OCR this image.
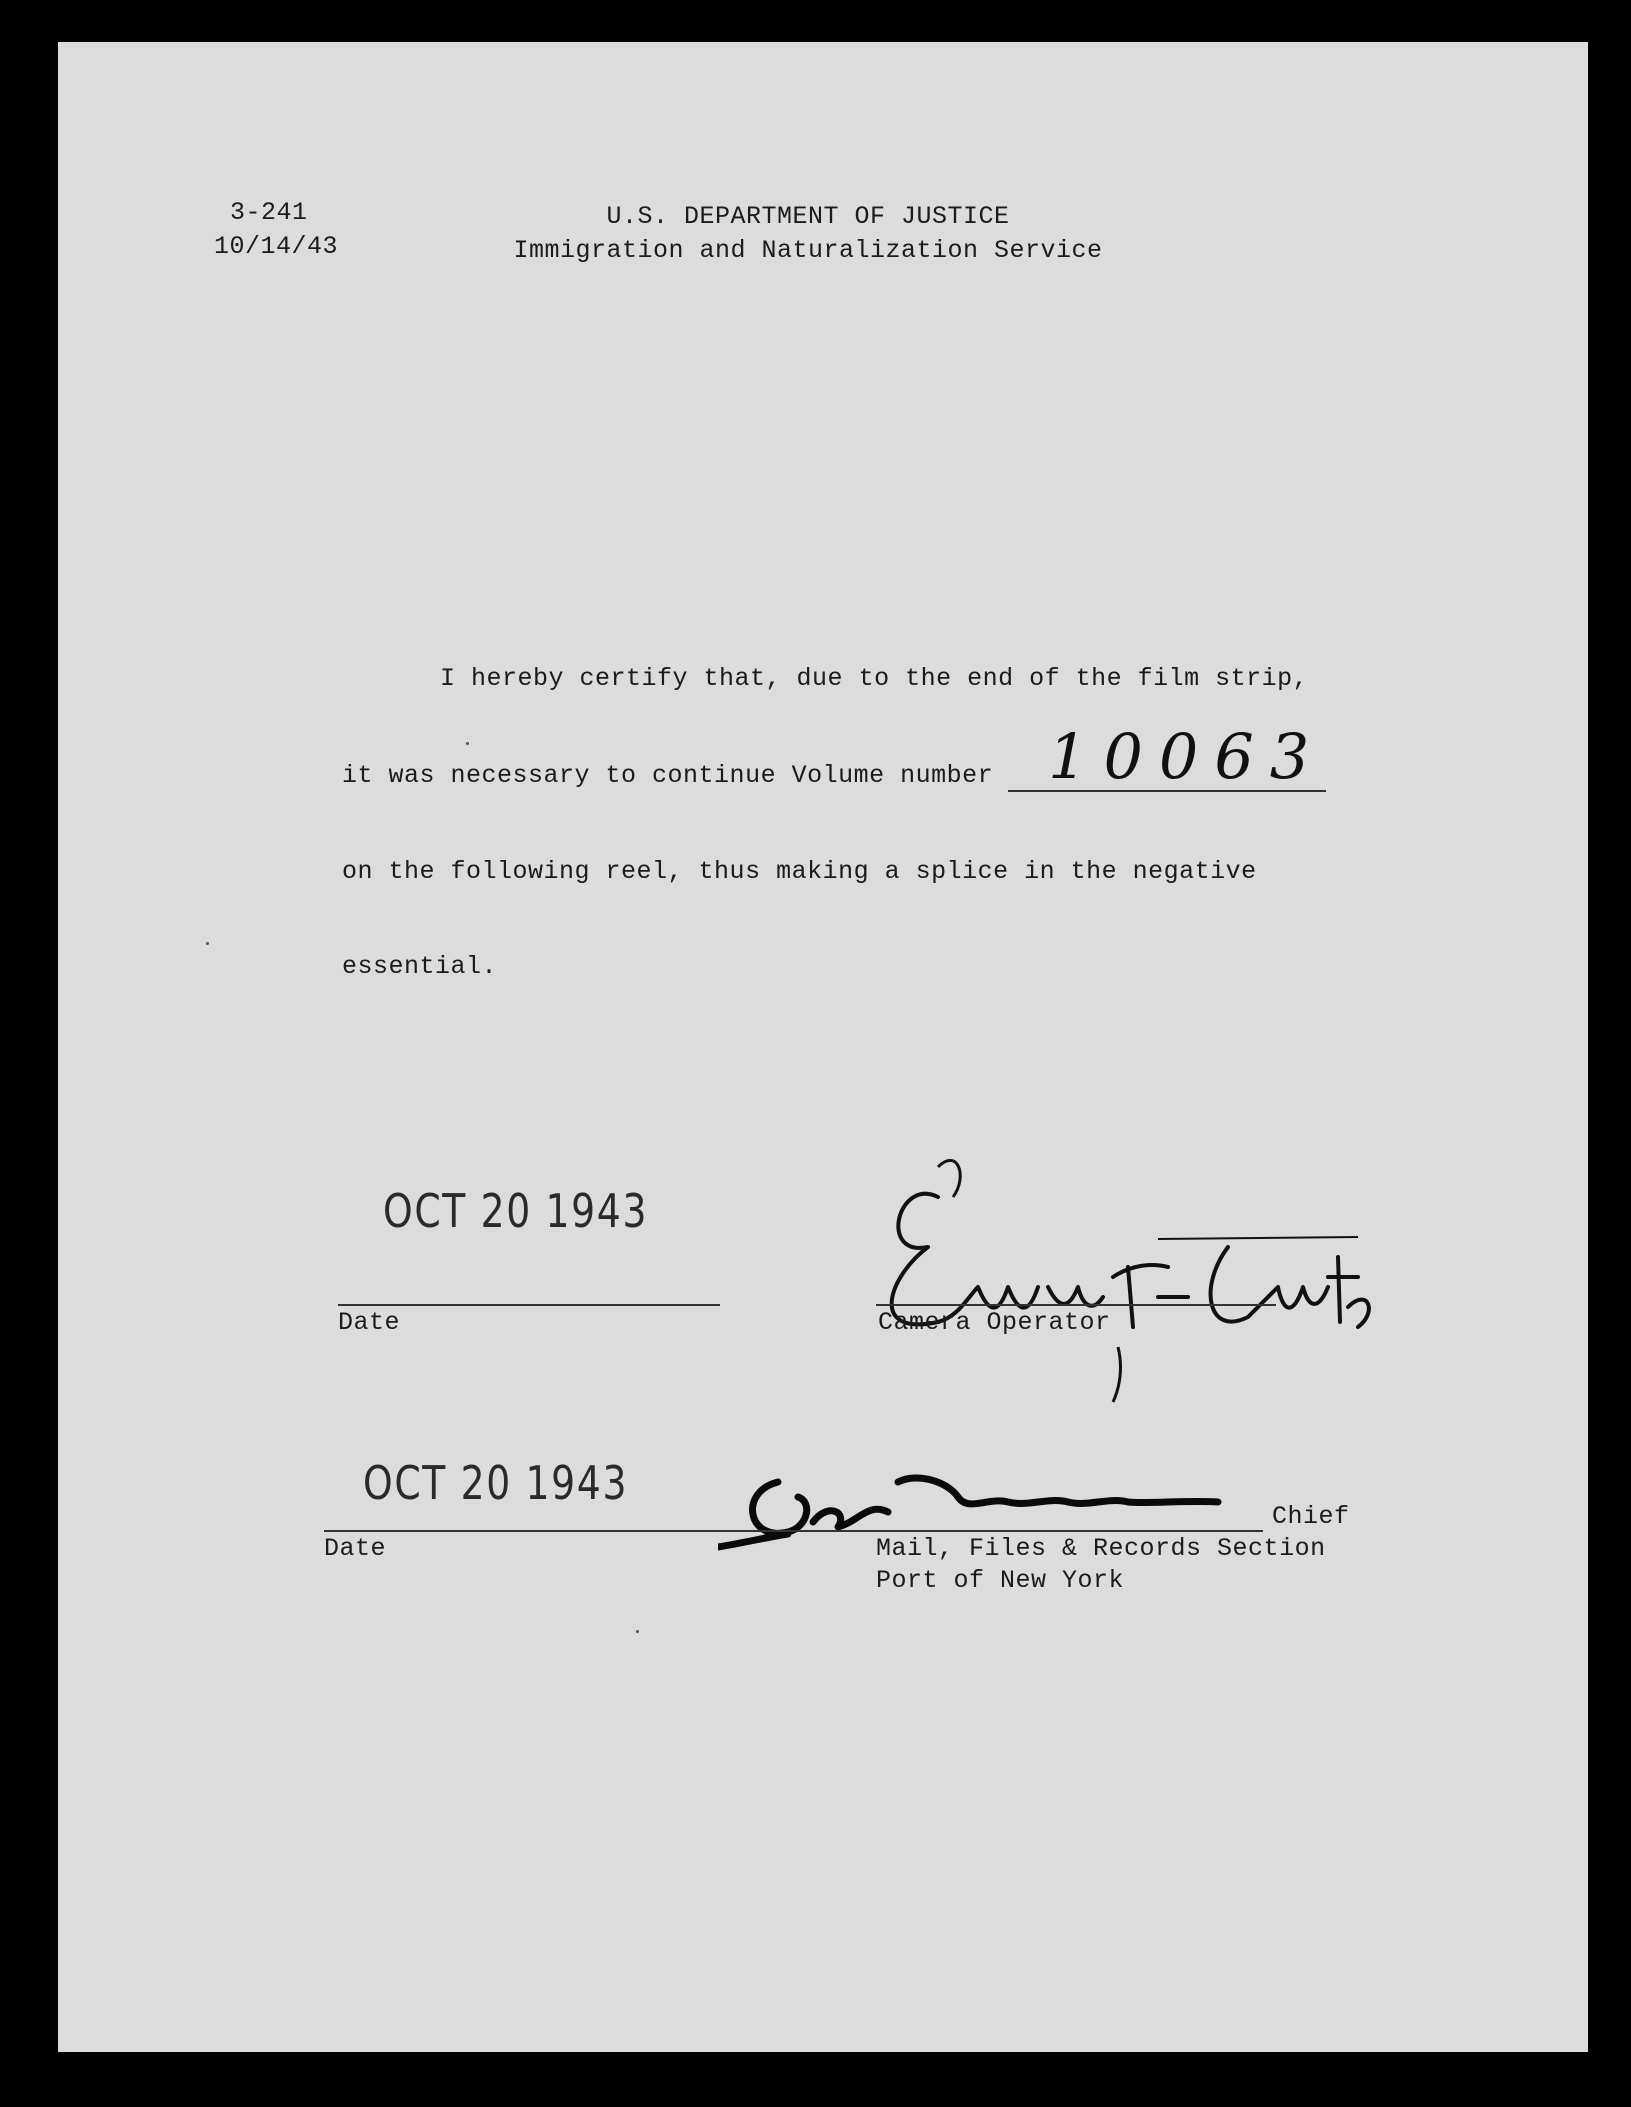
3-241
10/14/43
U.S. DEPARTMENT OF JUSTICE
Immigration and Naturalization Service
I hereby certify that, due to the end of the film strip,
it was necessary to continue Volume number 10063
on the following reel, thus making a splice in the negative
essential.
OCT 20 1943
Date	Camera Operator
OCT 20 1943
Date
Chief
Mail, Files & Records Section
Port of New York
